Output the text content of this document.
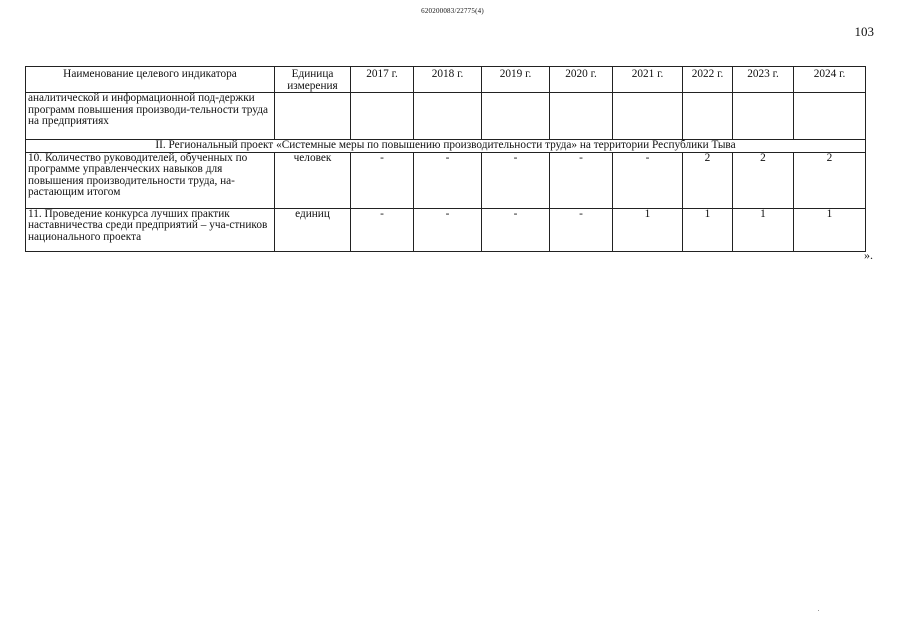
620200083/22775(4)
103
Наименование целевого индикатора	Единица измерения	2017 г.	2018 г.	2019 г.	2020 г.	2021 г.	2022 г.	2023 г.	2024 г.
аналитической и информационной под-держки программ повышения производи-тельности труда на предприятиях									
II. Региональный проект «Системные меры по повышению производительности труда» на территории Республики Тыва									
10. Количество руководителей, обученных по программе управленческих навыков для повышения производительности труда, на-растающим итогом	человек	-	-	-	-	-	2	2	2
11. Проведение конкурса лучших практик наставничества среди предприятий – уча-стников национального проекта	единиц	-	-	-	-	1	1	1	1
».
